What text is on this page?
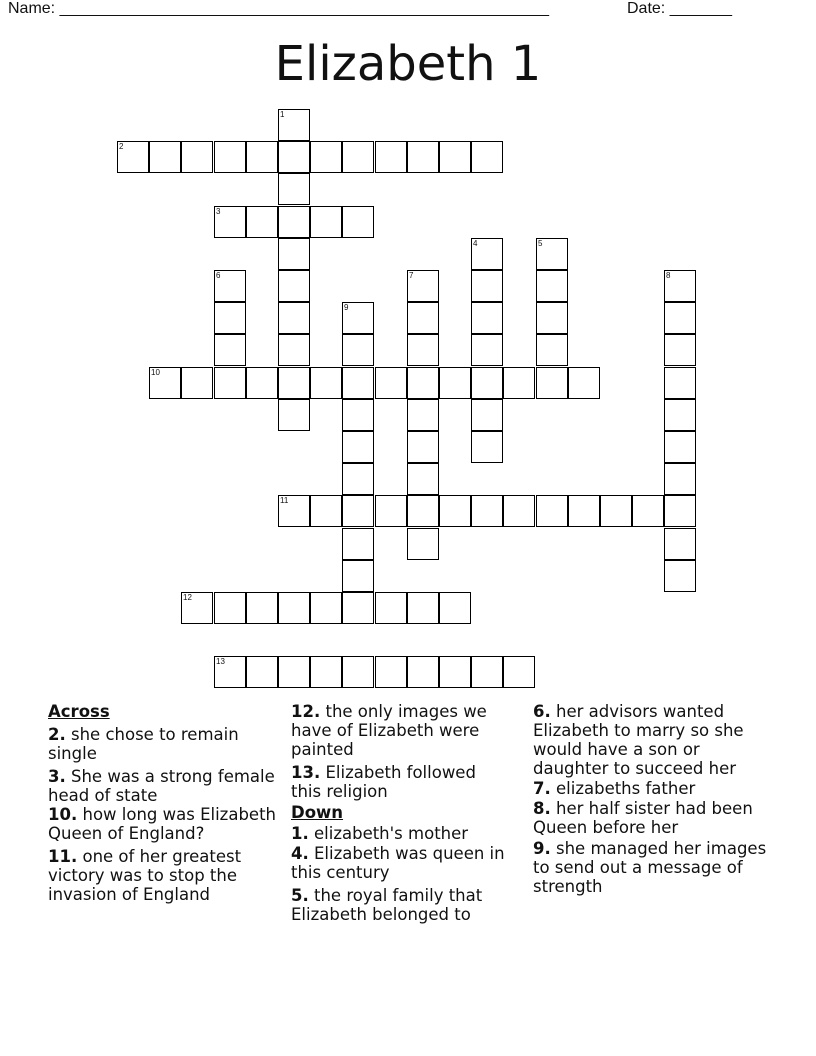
Name: _______________________________________________________	Date: _______
Elizabeth 1
1
2
3
4	5
6	7	8
9
10
11
12
13
Across
2. she chose to remain single
3. She was a strong female head of state
10. how long was Elizabeth Queen of England?
11. one of her greatest victory was to stop the invasion of England
12. the only images we have of Elizabeth were painted
13. Elizabeth followed this religion
Down
1. elizabeth's mother
4. Elizabeth was queen in this century
5. the royal family that Elizabeth belonged to
6. her advisors wanted Elizabeth to marry so she would have a son or daughter to succeed her
7. elizabeths father
8. her half sister had been Queen before her
9. she managed her images to send out a message of strength
